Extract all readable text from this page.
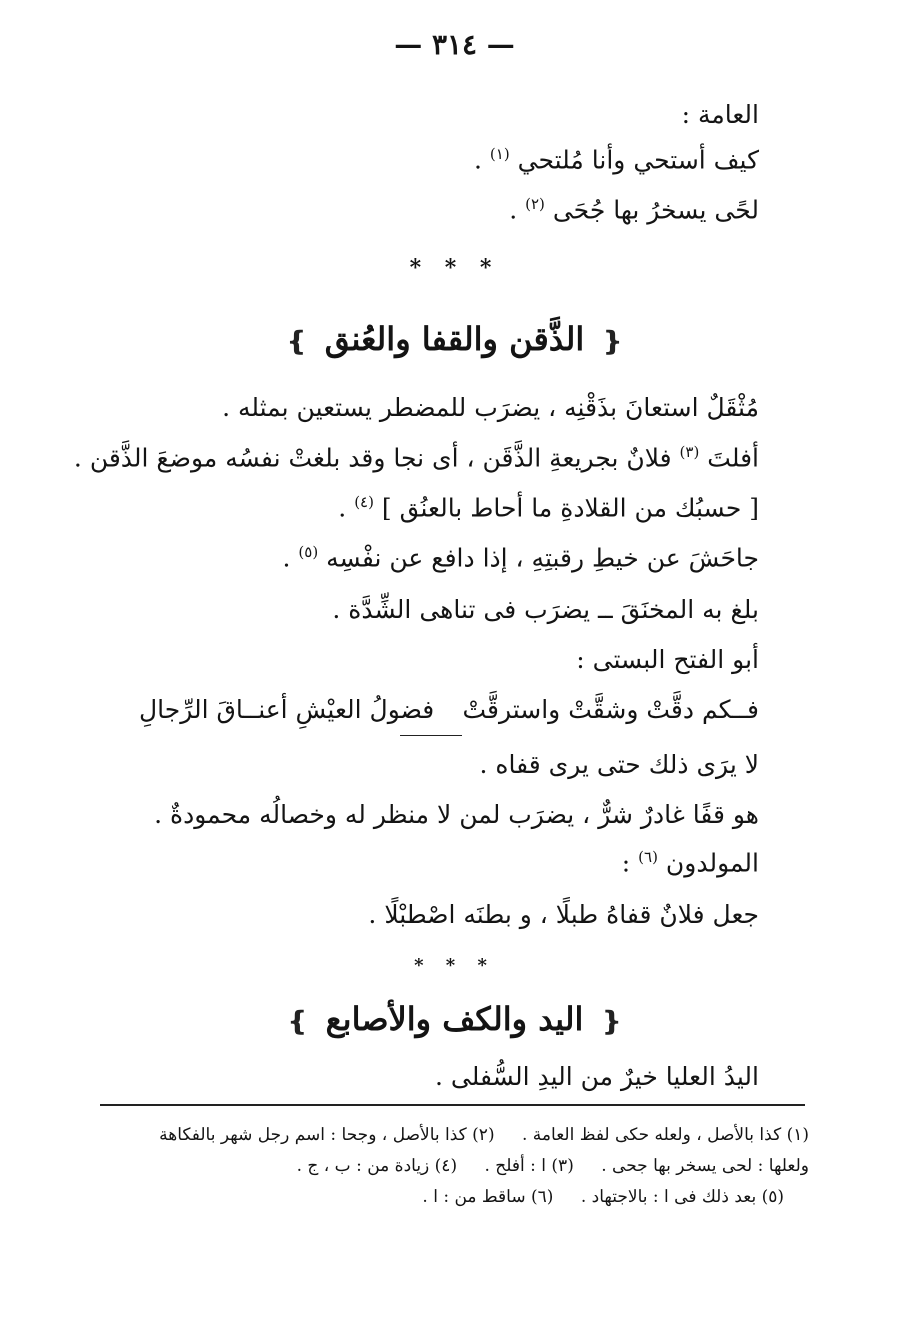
— ٣١٤ —
العامة :
كيف أستحي وأنا مُلتحي $^{(١)}$ .
لحًى يسخرُ بها جُحَى $^{(٢)}$ .
* * *
❴ الذَّقن والقفا والعُنق ❵
مُثْقَلٌ استعانَ بذَقْنِه ، يضرَب للمضطر يستعين بمثله .
أفلتَ $^{(٣)}$ فلانٌ بجريعةِ الذَّقَن ، أى نجا وقد بلغتْ نفسُه موضعَ الذَّقن .
[ حسبُك من القلادةِ ما أحاط بالعنُق ] $^{(٤)}$ .
جاحَشَ عن خيطِ رقبتِهِ ، إذا دافع عن نفْسِه $^{(٥)}$ .
بلغ به المخنَقَ ــ يضرَب فى تناهى الشِّدَّة .
أبو الفتح البستى :
فــكم دقَّتْ وشقَّتْ واسترقَّتْ
فضولُ العيْشِ أعنــاقَ الرِّجالِ
لا يرَى ذلك حتى يرى قفاه .
هو قفًا غادرٌ شرٌّ ، يضرَب لمن لا منظر له وخصالُه محمودةٌ .
المولدون $^{(٦)}$ :
جعل فلانٌ قفاهُ طبلًا ، و بطنَه اصْطبْلًا .
* * *
❴ اليد والكف والأصابع ❵
اليدُ العليا خيرٌ من اليدِ السُّفلى .
(١) كذا بالأصل ، ولعله حكى لفظ العامة . (٢) كذا بالأصل ، وجحا : اسم رجل شهر بالفكاهة
ولعلها : لحى يسخر بها جحى . (٣) ا : أفلح . (٤) زيادة من : ب ، ج .
(٥) بعد ذلك فى ا : بالاجتهاد . (٦) ساقط من : ا .
